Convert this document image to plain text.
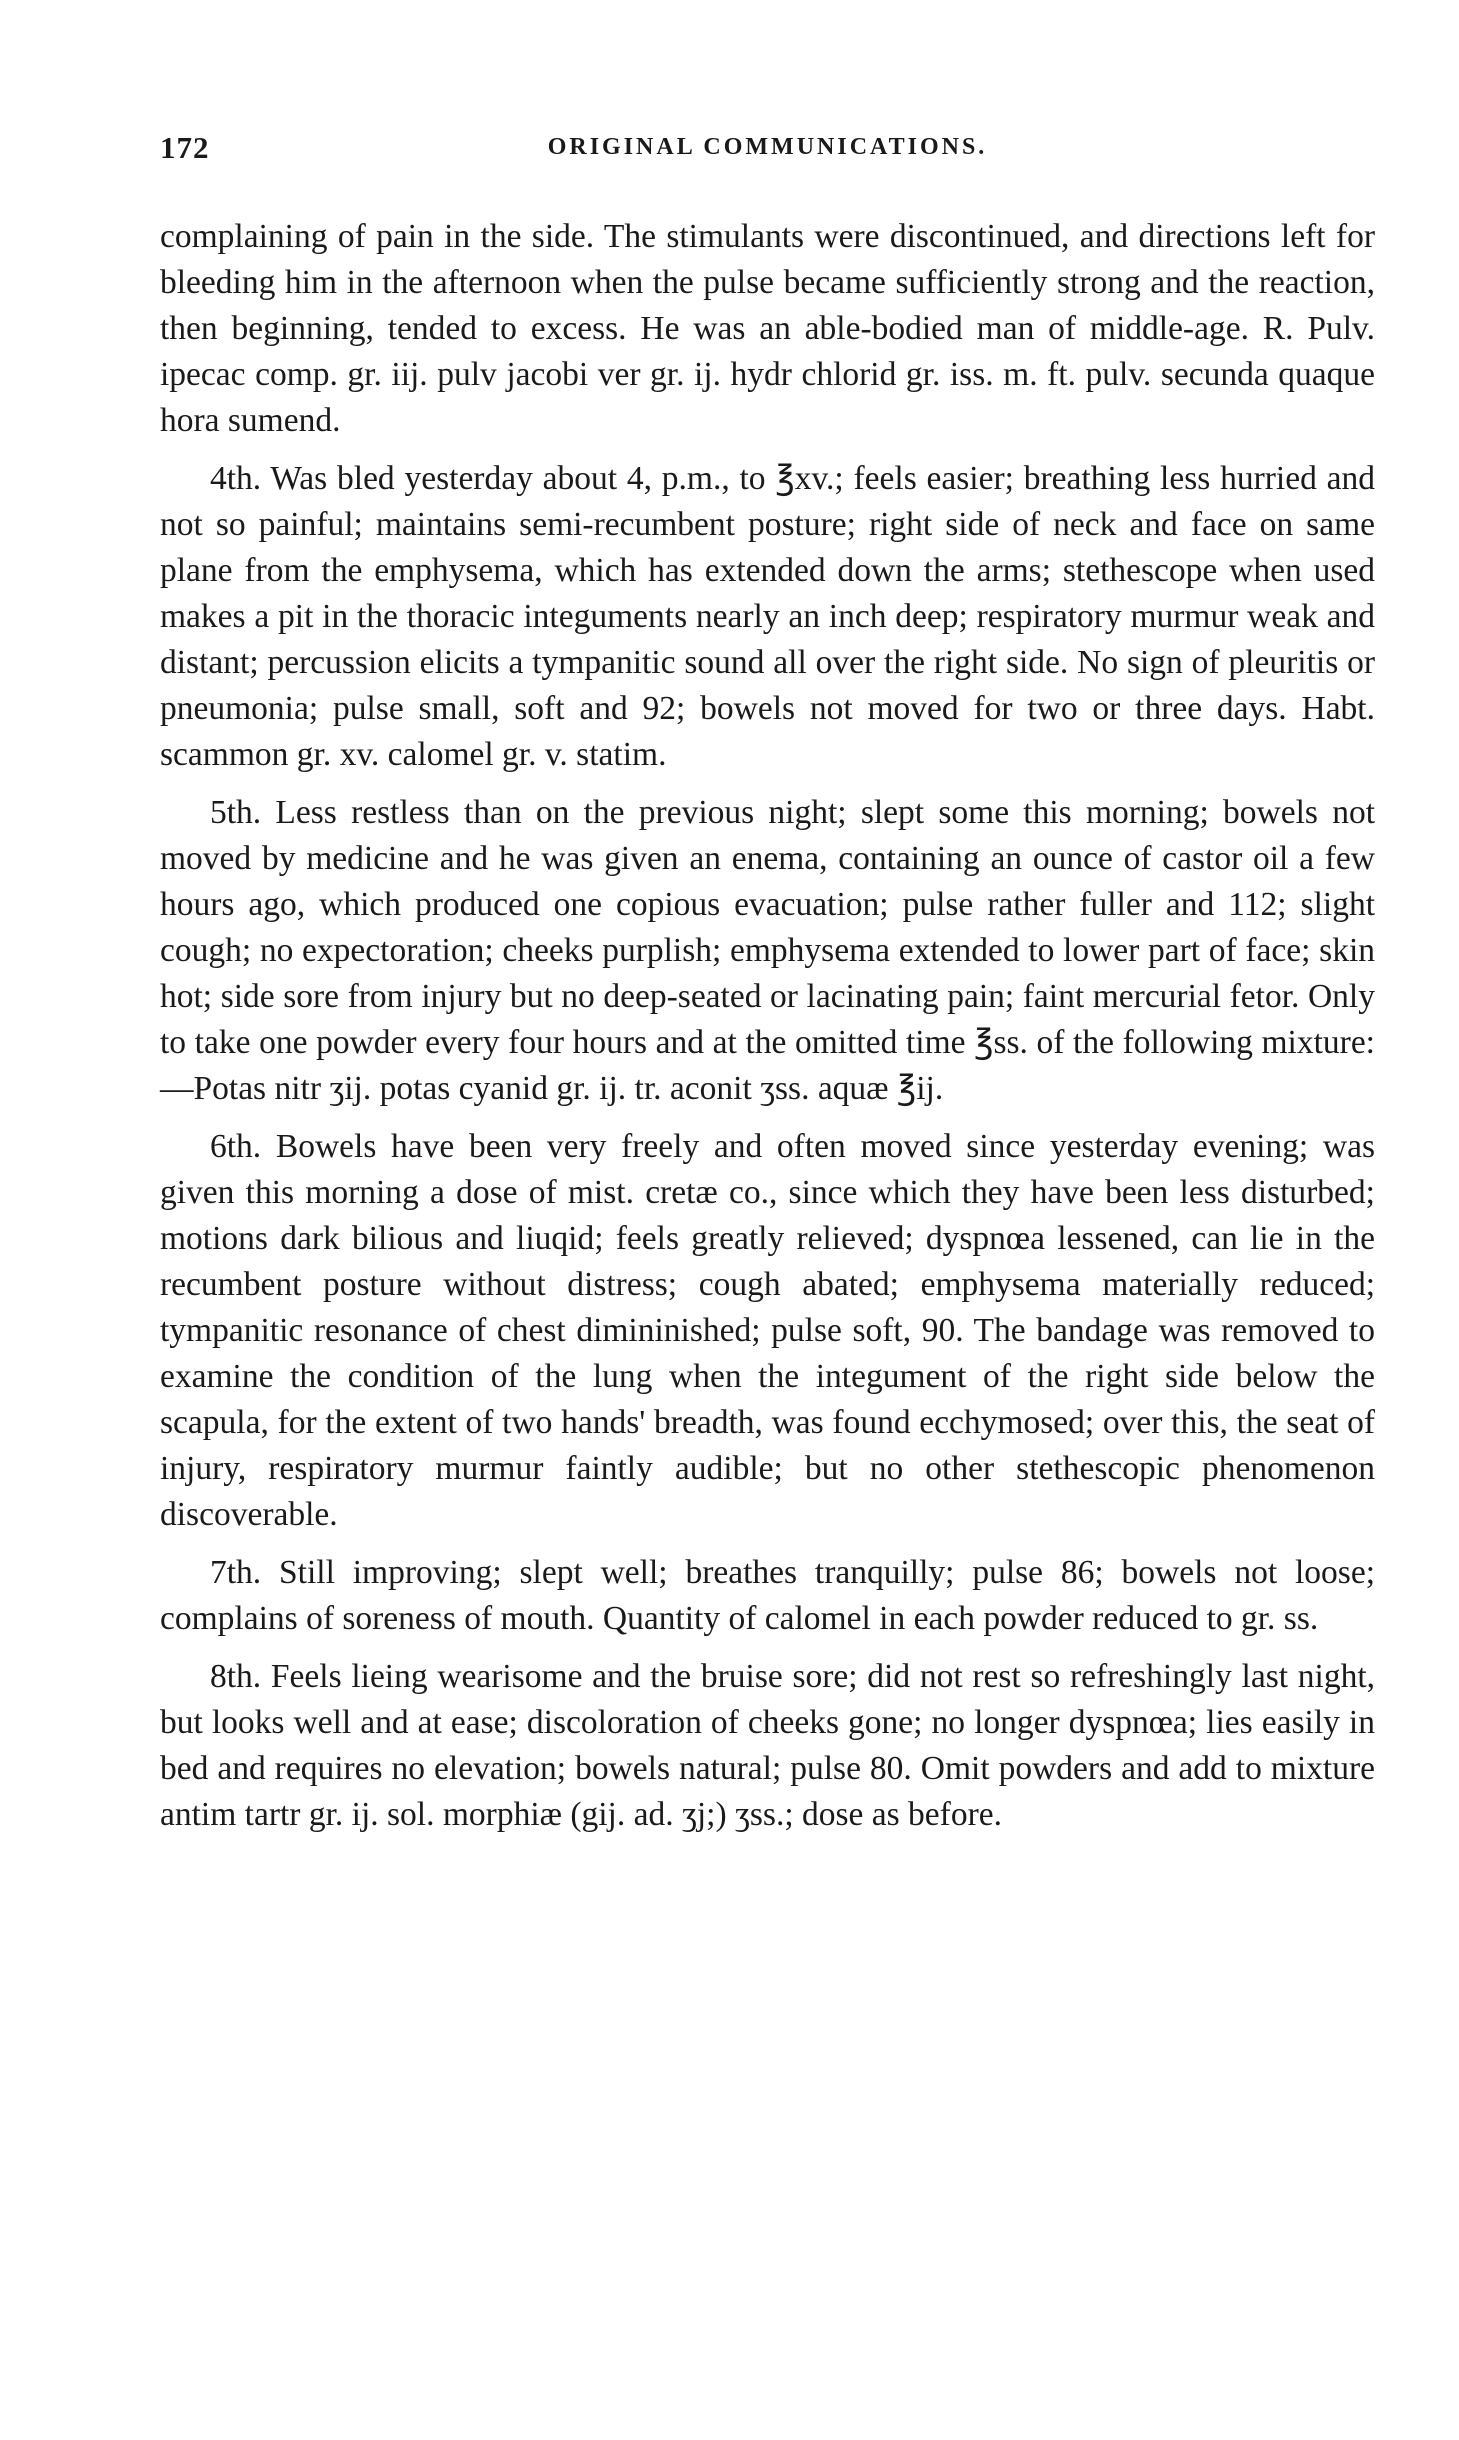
172	ORIGINAL COMMUNICATIONS.

complaining of pain in the side. The stimulants were discontinued, and directions left for bleeding him in the afternoon when the pulse became sufficiently strong and the reaction, then beginning, tended to excess. He was an able-bodied man of middle-age. R. Pulv. ipecac comp. gr. iij. pulv jacobi ver gr. ij. hydr chlorid gr. iss. m. ft. pulv. secunda quaque hora sumend.

4th. Was bled yesterday about 4, p.m., to ℥xv.; feels easier; breathing less hurried and not so painful; maintains semi-recumbent posture; right side of neck and face on same plane from the emphysema, which has extended down the arms; stethescope when used makes a pit in the thoracic integuments nearly an inch deep; respiratory murmur weak and distant; percussion elicits a tympanitic sound all over the right side. No sign of pleuritis or pneumonia; pulse small, soft and 92; bowels not moved for two or three days. Habt. scammon gr. xv. calomel gr. v. statim.

5th. Less restless than on the previous night; slept some this morning; bowels not moved by medicine and he was given an enema, containing an ounce of castor oil a few hours ago, which produced one copious evacuation; pulse rather fuller and 112; slight cough; no expectoration; cheeks purplish; emphysema extended to lower part of face; skin hot; side sore from injury but no deep-seated or lacinating pain; faint mercurial fetor. Only to take one powder every four hours and at the omitted time ℥ss. of the following mixture:—Potas nitr ʒij. potas cyanid gr. ij. tr. aconit ʒss. aquæ ℥ij.

6th. Bowels have been very freely and often moved since yesterday evening; was given this morning a dose of mist. cretæ co., since which they have been less disturbed; motions dark bilious and liuqid; feels greatly relieved; dyspnœa lessened, can lie in the recumbent posture without distress; cough abated; emphysema materially reduced; tympanitic resonance of chest dimininished; pulse soft, 90. The bandage was removed to examine the condition of the lung when the integument of the right side below the scapula, for the extent of two hands' breadth, was found ecchymosed; over this, the seat of injury, respiratory murmur faintly audible; but no other stethescopic phenomenon discoverable.

7th. Still improving; slept well; breathes tranquilly; pulse 86; bowels not loose; complains of soreness of mouth. Quantity of calomel in each powder reduced to gr. ss.

8th. Feels lieing wearisome and the bruise sore; did not rest so refreshingly last night, but looks well and at ease; discoloration of cheeks gone; no longer dyspnœa; lies easily in bed and requires no elevation; bowels natural; pulse 80. Omit powders and add to mixture antim tartr gr. ij. sol. morphiæ (gij. ad. ʒj;) ʒss.; dose as before.
